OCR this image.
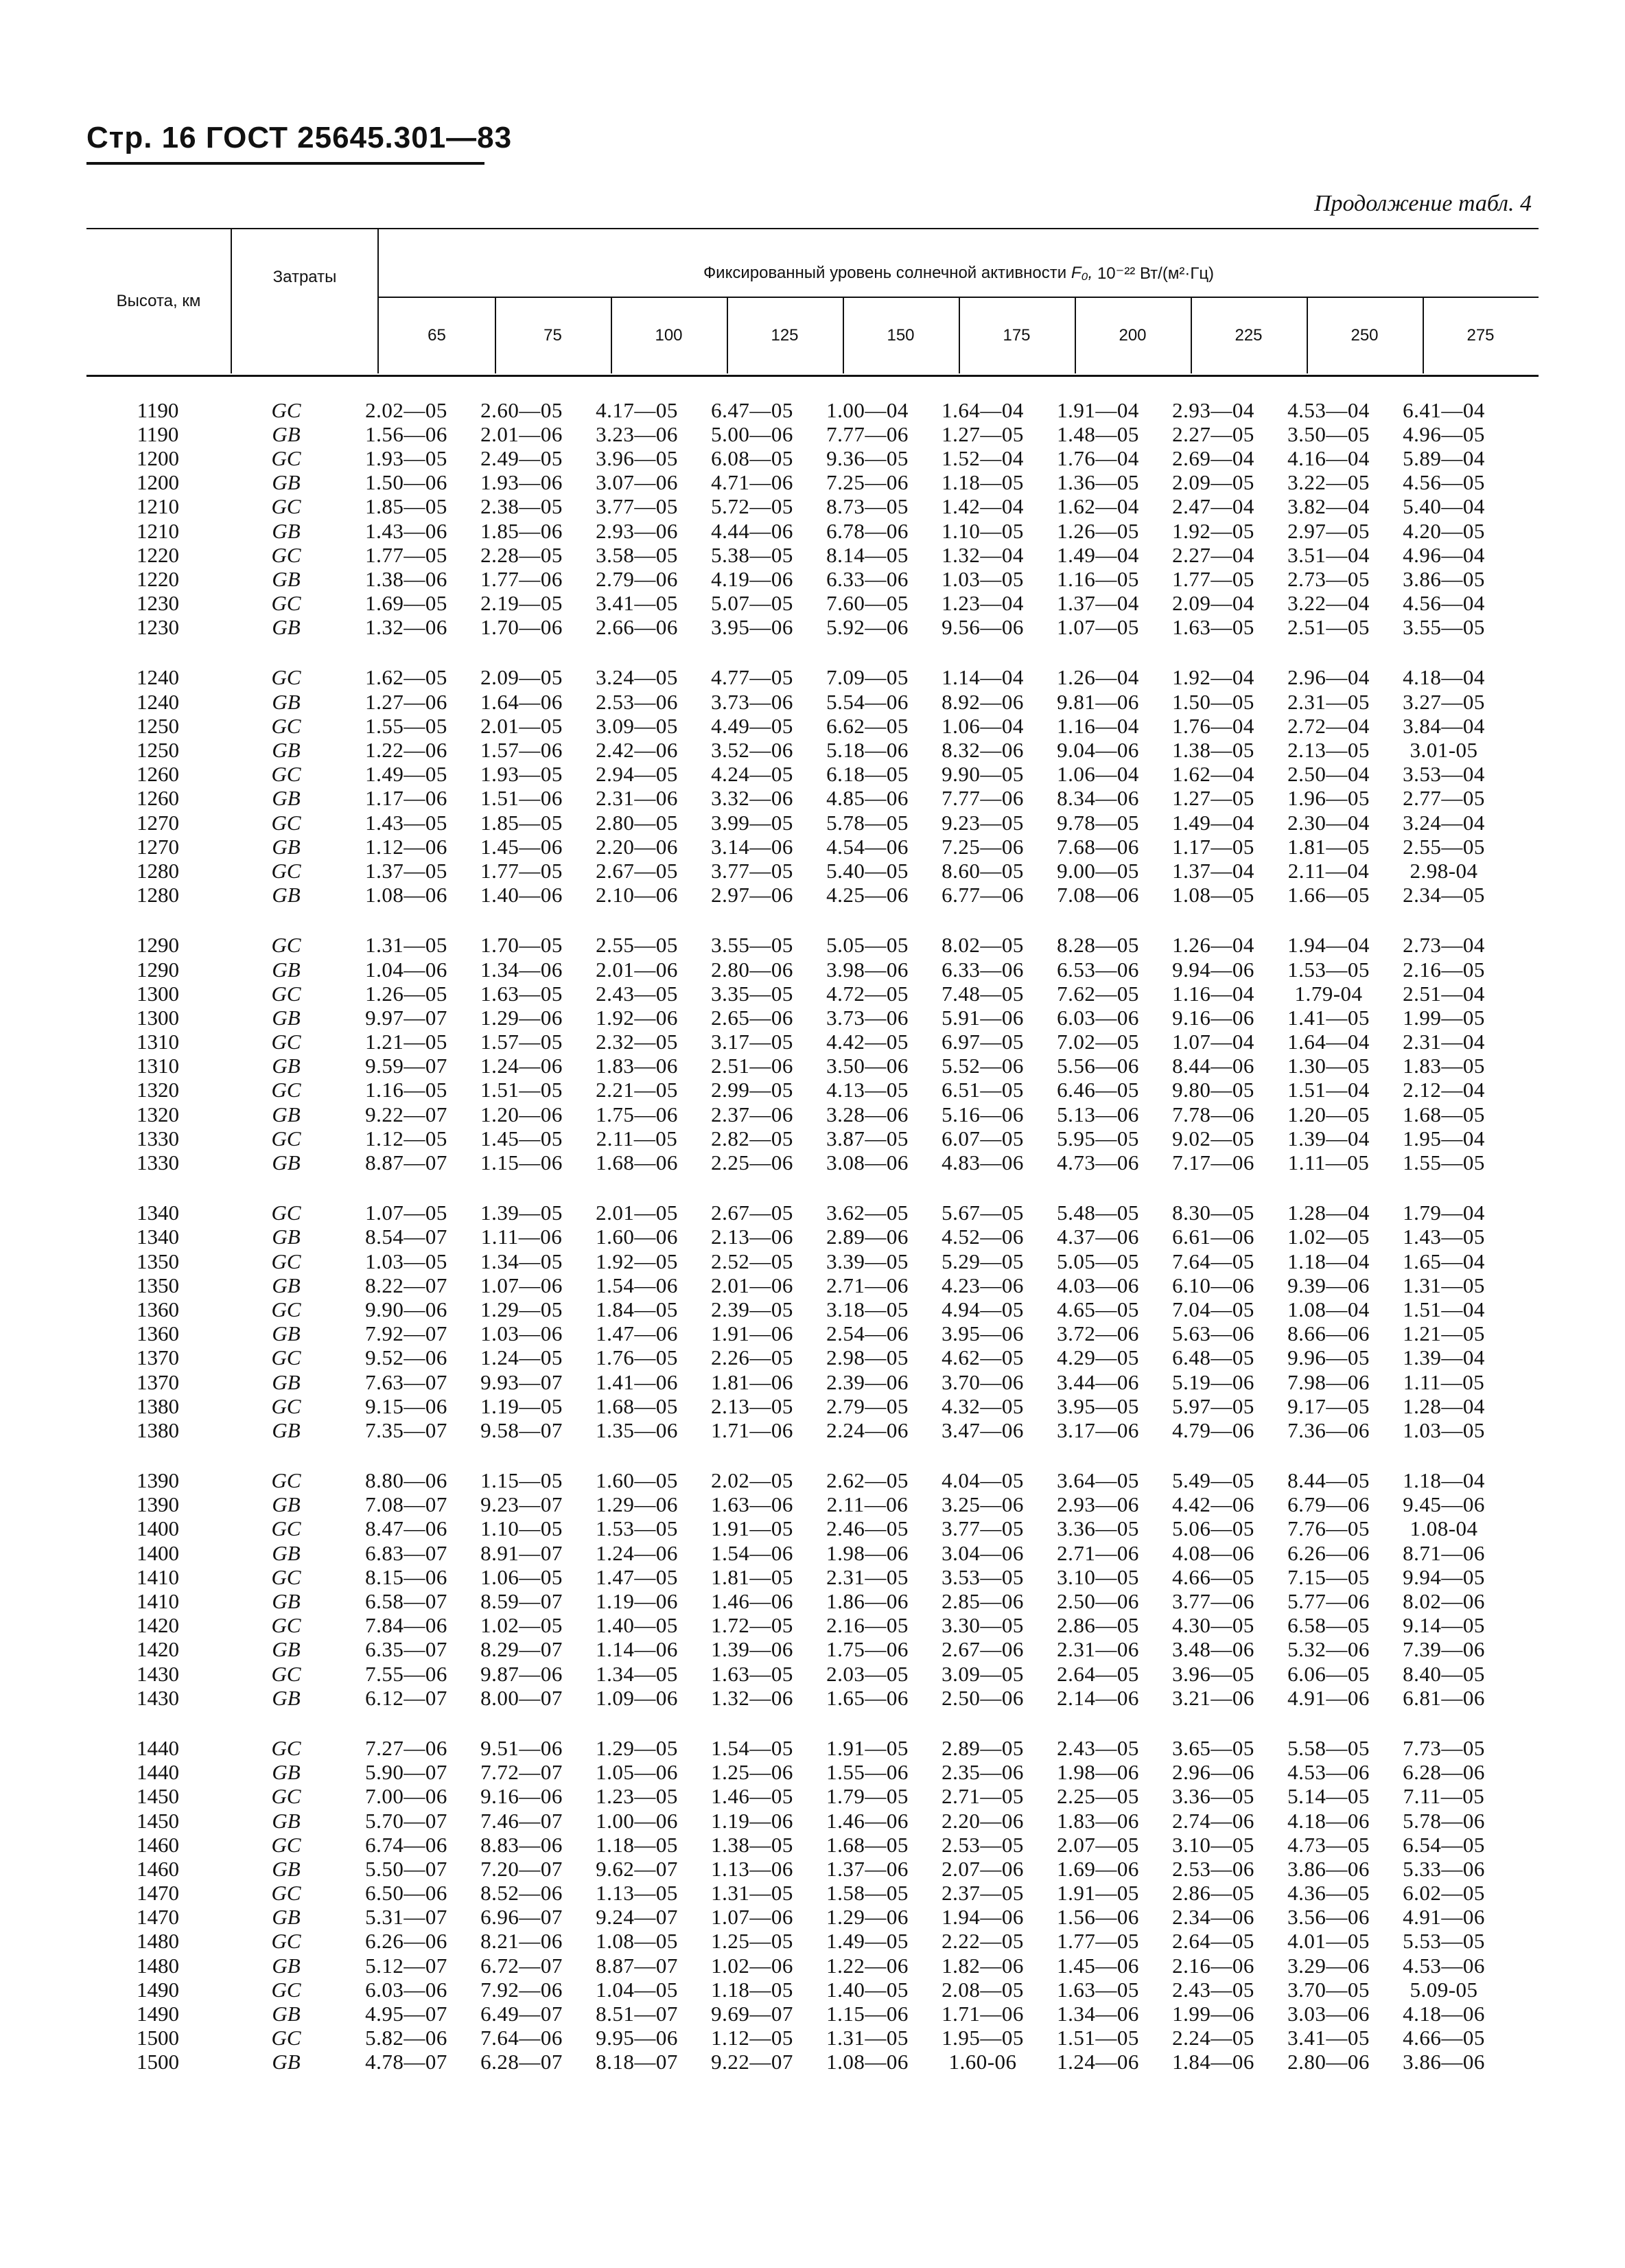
Стр. 16 ГОСТ 25645.301—83
Продолжение табл. 4
Высота, км
Затраты	Фиксированный уровень солнечной активности
F₀,
10⁻²² Вт/(м²·Гц)
65	75	100	125	150	175	200	225	250	275
1190	GC	2.02—05	2.60—05	4.17—05	6.47—05	1.00—04	1.64—04	1.91—04	2.93—04	4.53—04	6.41—04
1190	GB	1.56—06	2.01—06	3.23—06	5.00—06	7.77—06	1.27—05	1.48—05	2.27—05	3.50—05	4.96—05
1200	GC	1.93—05	2.49—05	3.96—05	6.08—05	9.36—05	1.52—04	1.76—04	2.69—04	4.16—04	5.89—04
1200	GB	1.50—06	1.93—06	3.07—06	4.71—06	7.25—06	1.18—05	1.36—05	2.09—05	3.22—05	4.56—05
1210	GC	1.85—05	2.38—05	3.77—05	5.72—05	8.73—05	1.42—04	1.62—04	2.47—04	3.82—04	5.40—04
1210	GB	1.43—06	1.85—06	2.93—06	4.44—06	6.78—06	1.10—05	1.26—05	1.92—05	2.97—05	4.20—05
1220	GC	1.77—05	2.28—05	3.58—05	5.38—05	8.14—05	1.32—04	1.49—04	2.27—04	3.51—04	4.96—04
1220	GB	1.38—06	1.77—06	2.79—06	4.19—06	6.33—06	1.03—05	1.16—05	1.77—05	2.73—05	3.86—05
1230	GC	1.69—05	2.19—05	3.41—05	5.07—05	7.60—05	1.23—04	1.37—04	2.09—04	3.22—04	4.56—04
1230	GB	1.32—06	1.70—06	2.66—06	3.95—06	5.92—06	9.56—06	1.07—05	1.63—05	2.51—05	3.55—05
1240	GC	1.62—05	2.09—05	3.24—05	4.77—05	7.09—05	1.14—04	1.26—04	1.92—04	2.96—04	4.18—04
1240	GB	1.27—06	1.64—06	2.53—06	3.73—06	5.54—06	8.92—06	9.81—06	1.50—05	2.31—05	3.27—05
1250	GC	1.55—05	2.01—05	3.09—05	4.49—05	6.62—05	1.06—04	1.16—04	1.76—04	2.72—04	3.84—04
1250	GB	1.22—06	1.57—06	2.42—06	3.52—06	5.18—06	8.32—06	9.04—06	1.38—05	2.13—05	3.01-05
1260	GC	1.49—05	1.93—05	2.94—05	4.24—05	6.18—05	9.90—05	1.06—04	1.62—04	2.50—04	3.53—04
1260	GB	1.17—06	1.51—06	2.31—06	3.32—06	4.85—06	7.77—06	8.34—06	1.27—05	1.96—05	2.77—05
1270	GC	1.43—05	1.85—05	2.80—05	3.99—05	5.78—05	9.23—05	9.78—05	1.49—04	2.30—04	3.24—04
1270	GB	1.12—06	1.45—06	2.20—06	3.14—06	4.54—06	7.25—06	7.68—06	1.17—05	1.81—05	2.55—05
1280	GC	1.37—05	1.77—05	2.67—05	3.77—05	5.40—05	8.60—05	9.00—05	1.37—04	2.11—04	2.98-04
1280	GB	1.08—06	1.40—06	2.10—06	2.97—06	4.25—06	6.77—06	7.08—06	1.08—05	1.66—05	2.34—05
1290	GC	1.31—05	1.70—05	2.55—05	3.55—05	5.05—05	8.02—05	8.28—05	1.26—04	1.94—04	2.73—04
1290	GB	1.04—06	1.34—06	2.01—06	2.80—06	3.98—06	6.33—06	6.53—06	9.94—06	1.53—05	2.16—05
1300	GC	1.26—05	1.63—05	2.43—05	3.35—05	4.72—05	7.48—05	7.62—05	1.16—04	1.79-04	2.51—04
1300	GB	9.97—07	1.29—06	1.92—06	2.65—06	3.73—06	5.91—06	6.03—06	9.16—06	1.41—05	1.99—05
1310	GC	1.21—05	1.57—05	2.32—05	3.17—05	4.42—05	6.97—05	7.02—05	1.07—04	1.64—04	2.31—04
1310	GB	9.59—07	1.24—06	1.83—06	2.51—06	3.50—06	5.52—06	5.56—06	8.44—06	1.30—05	1.83—05
1320	GC	1.16—05	1.51—05	2.21—05	2.99—05	4.13—05	6.51—05	6.46—05	9.80—05	1.51—04	2.12—04
1320	GB	9.22—07	1.20—06	1.75—06	2.37—06	3.28—06	5.16—06	5.13—06	7.78—06	1.20—05	1.68—05
1330	GC	1.12—05	1.45—05	2.11—05	2.82—05	3.87—05	6.07—05	5.95—05	9.02—05	1.39—04	1.95—04
1330	GB	8.87—07	1.15—06	1.68—06	2.25—06	3.08—06	4.83—06	4.73—06	7.17—06	1.11—05	1.55—05
1340	GC	1.07—05	1.39—05	2.01—05	2.67—05	3.62—05	5.67—05	5.48—05	8.30—05	1.28—04	1.79—04
1340	GB	8.54—07	1.11—06	1.60—06	2.13—06	2.89—06	4.52—06	4.37—06	6.61—06	1.02—05	1.43—05
1350	GC	1.03—05	1.34—05	1.92—05	2.52—05	3.39—05	5.29—05	5.05—05	7.64—05	1.18—04	1.65—04
1350	GB	8.22—07	1.07—06	1.54—06	2.01—06	2.71—06	4.23—06	4.03—06	6.10—06	9.39—06	1.31—05
1360	GC	9.90—06	1.29—05	1.84—05	2.39—05	3.18—05	4.94—05	4.65—05	7.04—05	1.08—04	1.51—04
1360	GB	7.92—07	1.03—06	1.47—06	1.91—06	2.54—06	3.95—06	3.72—06	5.63—06	8.66—06	1.21—05
1370	GC	9.52—06	1.24—05	1.76—05	2.26—05	2.98—05	4.62—05	4.29—05	6.48—05	9.96—05	1.39—04
1370	GB	7.63—07	9.93—07	1.41—06	1.81—06	2.39—06	3.70—06	3.44—06	5.19—06	7.98—06	1.11—05
1380	GC	9.15—06	1.19—05	1.68—05	2.13—05	2.79—05	4.32—05	3.95—05	5.97—05	9.17—05	1.28—04
1380	GB	7.35—07	9.58—07	1.35—06	1.71—06	2.24—06	3.47—06	3.17—06	4.79—06	7.36—06	1.03—05
1390	GC	8.80—06	1.15—05	1.60—05	2.02—05	2.62—05	4.04—05	3.64—05	5.49—05	8.44—05	1.18—04
1390	GB	7.08—07	9.23—07	1.29—06	1.63—06	2.11—06	3.25—06	2.93—06	4.42—06	6.79—06	9.45—06
1400	GC	8.47—06	1.10—05	1.53—05	1.91—05	2.46—05	3.77—05	3.36—05	5.06—05	7.76—05	1.08-04
1400	GB	6.83—07	8.91—07	1.24—06	1.54—06	1.98—06	3.04—06	2.71—06	4.08—06	6.26—06	8.71—06
1410	GC	8.15—06	1.06—05	1.47—05	1.81—05	2.31—05	3.53—05	3.10—05	4.66—05	7.15—05	9.94—05
1410	GB	6.58—07	8.59—07	1.19—06	1.46—06	1.86—06	2.85—06	2.50—06	3.77—06	5.77—06	8.02—06
1420	GC	7.84—06	1.02—05	1.40—05	1.72—05	2.16—05	3.30—05	2.86—05	4.30—05	6.58—05	9.14—05
1420	GB	6.35—07	8.29—07	1.14—06	1.39—06	1.75—06	2.67—06	2.31—06	3.48—06	5.32—06	7.39—06
1430	GC	7.55—06	9.87—06	1.34—05	1.63—05	2.03—05	3.09—05	2.64—05	3.96—05	6.06—05	8.40—05
1430	GB	6.12—07	8.00—07	1.09—06	1.32—06	1.65—06	2.50—06	2.14—06	3.21—06	4.91—06	6.81—06
1440	GC	7.27—06	9.51—06	1.29—05	1.54—05	1.91—05	2.89—05	2.43—05	3.65—05	5.58—05	7.73—05
1440	GB	5.90—07	7.72—07	1.05—06	1.25—06	1.55—06	2.35—06	1.98—06	2.96—06	4.53—06	6.28—06
1450	GC	7.00—06	9.16—06	1.23—05	1.46—05	1.79—05	2.71—05	2.25—05	3.36—05	5.14—05	7.11—05
1450	GB	5.70—07	7.46—07	1.00—06	1.19—06	1.46—06	2.20—06	1.83—06	2.74—06	4.18—06	5.78—06
1460	GC	6.74—06	8.83—06	1.18—05	1.38—05	1.68—05	2.53—05	2.07—05	3.10—05	4.73—05	6.54—05
1460	GB	5.50—07	7.20—07	9.62—07	1.13—06	1.37—06	2.07—06	1.69—06	2.53—06	3.86—06	5.33—06
1470	GC	6.50—06	8.52—06	1.13—05	1.31—05	1.58—05	2.37—05	1.91—05	2.86—05	4.36—05	6.02—05
1470	GB	5.31—07	6.96—07	9.24—07	1.07—06	1.29—06	1.94—06	1.56—06	2.34—06	3.56—06	4.91—06
1480	GC	6.26—06	8.21—06	1.08—05	1.25—05	1.49—05	2.22—05	1.77—05	2.64—05	4.01—05	5.53—05
1480	GB	5.12—07	6.72—07	8.87—07	1.02—06	1.22—06	1.82—06	1.45—06	2.16—06	3.29—06	4.53—06
1490	GC	6.03—06	7.92—06	1.04—05	1.18—05	1.40—05	2.08—05	1.63—05	2.43—05	3.70—05	5.09-05
1490	GB	4.95—07	6.49—07	8.51—07	9.69—07	1.15—06	1.71—06	1.34—06	1.99—06	3.03—06	4.18—06
1500	GC	5.82—06	7.64—06	9.95—06	1.12—05	1.31—05	1.95—05	1.51—05	2.24—05	3.41—05	4.66—05
1500	GB	4.78—07	6.28—07	8.18—07	9.22—07	1.08—06	1.60-06	1.24—06	1.84—06	2.80—06	3.86—06
